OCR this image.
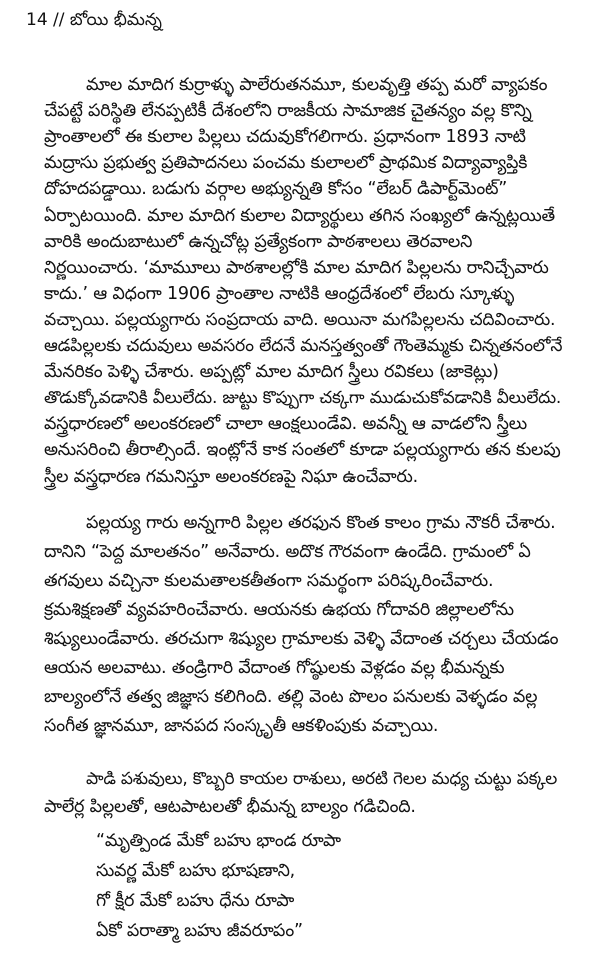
14 // బోయి భీమన్న
మాల మాదిగ కుర్రాళ్ళు పాలేరుతనమూ, కులవృత్తి తప్ప మరో వ్యాపకం
చేపట్టే పరిస్థితి లేనప్పటికీ దేశంలోని రాజకీయ సామాజిక చైతన్యం వల్ల కొన్ని
ప్రాంతాలలో ఈ కులాల పిల్లలు చదువుకోగలిగారు. ప్రధానంగా 1893 నాటి
మద్రాసు ప్రభుత్వ ప్రతిపాదనలు పంచమ కులాలలో ప్రాథమిక విద్యావ్యాప్తికి
దోహదపడ్డాయి. బడుగు వర్గాల అభ్యున్నతి కోసం “లేబర్ డిపార్ట్‌మెంట్”
ఏర్పాటయింది. మాల మాదిగ కులాల విద్యార్థులు తగిన సంఖ్యలో ఉన్నట్లయితే
వారికి అందుబాటులో ఉన్నచోట్ల ప్రత్యేకంగా పాఠశాలలు తెరవాలని
నిర్ణయించారు. ‘మామూలు పాఠశాలల్లోకి మాల మాదిగ పిల్లలను రానిచ్చేవారు
కాదు.’ ఆ విధంగా 1906 ప్రాంతాల నాటికి ఆంధ్రదేశంలో లేబరు స్కూళ్ళు
వచ్చాయి. పల్లయ్యగారు సంప్రదాయ వాది. అయినా మగపిల్లలను చదివించారు.
ఆడపిల్లలకు చదువులు అవసరం లేదనే మనస్తత్వంతో గౌంతెమ్మకు చిన్నతనంలోనే
మేనరికం పెళ్ళి చేశారు. అప్పట్లో మాల మాదిగ స్త్రీలు రవికలు (జాకెట్లు)
తొడుక్కోవడానికి వీలులేదు. జుట్టు కొప్పుగా చక్కగా ముడుచుకోవడానికి వీలులేదు.
వస్త్రధారణలో అలంకరణలో చాలా ఆంక్షలుండేవి. అవన్నీ ఆ వాడలోని స్త్రీలు
అనుసరించి తీరాల్సిందే. ఇంట్లోనే కాక సంతలో కూడా పల్లయ్యగారు తన కులపు
స్త్రీల వస్త్రధారణ గమనిస్తూ అలంకరణపై నిఘా ఉంచేవారు.
పల్లయ్య గారు అన్నగారి పిల్లల తరఫున కొంత కాలం గ్రామ నౌకరీ చేశారు.
దానిని “పెద్ద మాలతనం” అనేవారు. అదొక గౌరవంగా ఉండేది. గ్రామంలో ఏ
తగవులు వచ్చినా కులమతాలకతీతంగా సమర్థంగా పరిష్కరించేవారు.
క్రమశిక్షణతో వ్యవహరించేవారు. ఆయనకు ఉభయ గోదావరి జిల్లాలలోను
శిష్యులుండేవారు. తరచుగా శిష్యుల గ్రామాలకు వెళ్ళి వేదాంత చర్చలు చేయడం
ఆయన అలవాటు. తండ్రిగారి వేదాంత గోష్ఠులకు వెళ్లడం వల్ల భీమన్నకు
బాల్యంలోనే తత్వ జిజ్ఞాస కలిగింది. తల్లి వెంట పొలం పనులకు వెళ్ళడం వల్ల
సంగీత జ్ఞానమూ, జానపద సంస్కృతీ ఆకళింపుకు వచ్చాయి.
పాడి పశువులు, కొబ్బరి కాయల రాశులు, అరటి గెలల మధ్య చుట్టు పక్కల
పాలేర్ల పిల్లలతో, ఆటపాటలతో భీమన్న బాల్యం గడిచింది.
“మృత్పిండ మేకో బహు భాండ రూపా
సువర్ణ మేకో బహు భూషణాని,
గో క్షీర మేకో బహు ధేను రూపా
ఏకో పరాత్మా బహు జీవరూపం”
